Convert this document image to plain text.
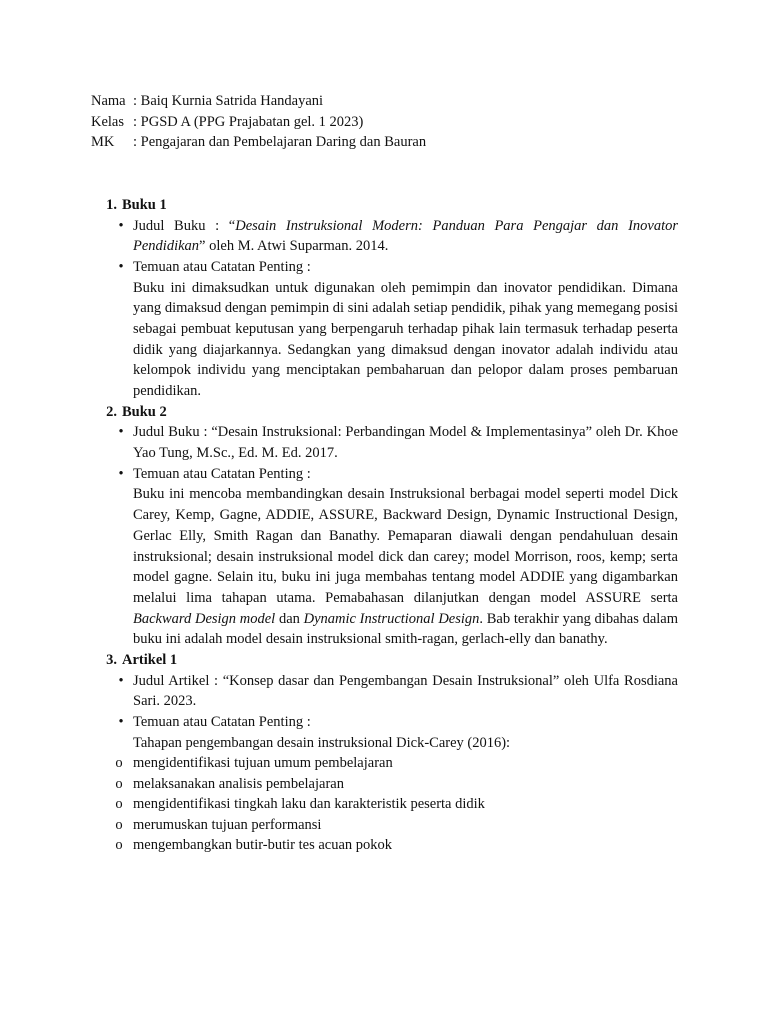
Nama : Baiq Kurnia Satrida Handayani
Kelas : PGSD A (PPG Prajabatan gel. 1 2023)
MK	: Pengajaran dan Pembelajaran Daring dan Bauran
1. Buku 1
• Judul Buku : “Desain Instruksional Modern: Panduan Para Pengajar dan Inovator Pendidikan” oleh M. Atwi Suparman. 2014.
• Temuan atau Catatan Penting :
Buku ini dimaksudkan untuk digunakan oleh pemimpin dan inovator pendidikan. Dimana yang dimaksud dengan pemimpin di sini adalah setiap pendidik, pihak yang memegang posisi sebagai pembuat keputusan yang berpengaruh terhadap pihak lain termasuk terhadap peserta didik yang diajarkannya. Sedangkan yang dimaksud dengan inovator adalah individu atau kelompok individu yang menciptakan pembaharuan dan pelopor dalam proses pembaruan pendidikan.
2. Buku 2
• Judul Buku : “Desain Instruksional: Perbandingan Model & Implementasinya” oleh Dr. Khoe Yao Tung, M.Sc., Ed. M. Ed. 2017.
• Temuan atau Catatan Penting :
Buku ini mencoba membandingkan desain Instruksional berbagai model seperti model Dick Carey, Kemp, Gagne, ADDIE, ASSURE, Backward Design, Dynamic Instructional Design, Gerlac Elly, Smith Ragan dan Banathy. Pemaparan diawali dengan pendahuluan desain instruksional; desain instruksional model dick dan carey; model Morrison, roos, kemp; serta model gagne. Selain itu, buku ini juga membahas tentang model ADDIE yang digambarkan melalui lima tahapan utama. Pemabahasan dilanjutkan dengan model ASSURE serta Backward Design model dan Dynamic Instructional Design. Bab terakhir yang dibahas dalam buku ini adalah model desain instruksional smith-ragan, gerlach-elly dan banathy.
3. Artikel 1
• Judul Artikel : “Konsep dasar dan Pengembangan Desain Instruksional” oleh Ulfa Rosdiana Sari. 2023.
• Temuan atau Catatan Penting :
Tahapan pengembangan desain instruksional Dick-Carey (2016):
o mengidentifikasi tujuan umum pembelajaran
o melaksanakan analisis pembelajaran
o mengidentifikasi tingkah laku dan karakteristik peserta didik
o merumuskan tujuan performansi
o mengembangkan butir-butir tes acuan pokok
